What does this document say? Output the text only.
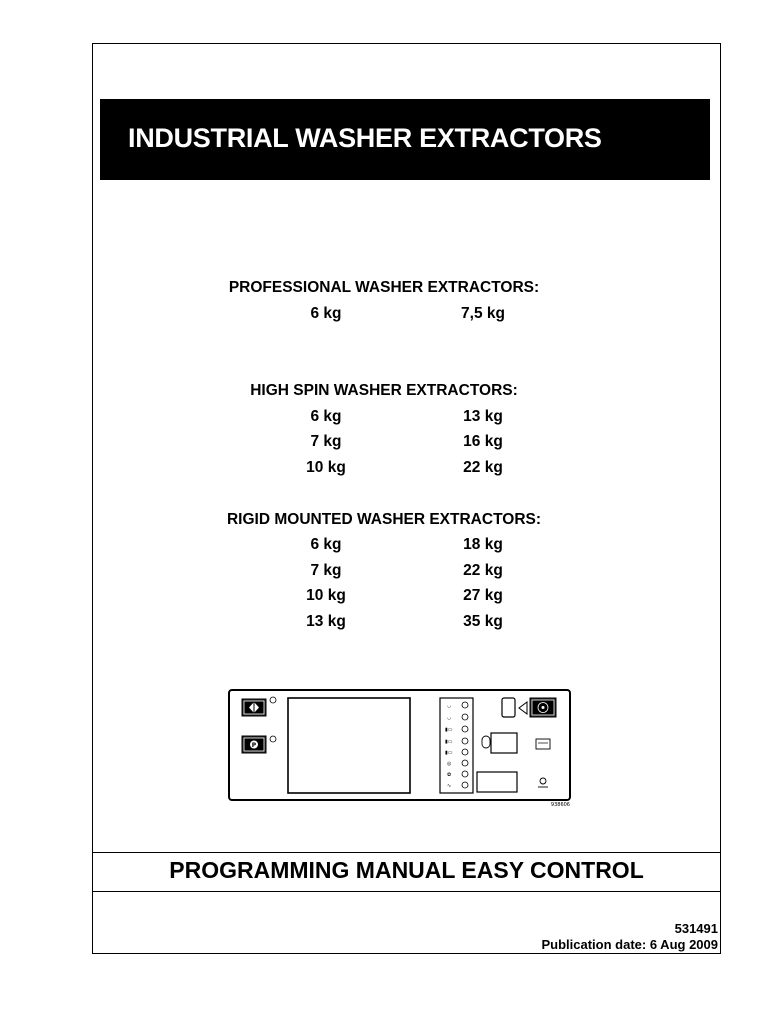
INDUSTRIAL WASHER EXTRACTORS
PROFESSIONAL WASHER EXTRACTORS:
6 kg	7,5 kg
HIGH SPIN WASHER EXTRACTORS:
6 kg	13 kg
7 kg	16 kg
10 kg	22 kg
RIGID MOUNTED WASHER EXTRACTORS:
6 kg	18 kg
7 kg	22 kg
10 kg	27 kg
13 kg	35 kg
P
◡
◡
▮▭
▮▭
▮▭
◎
✿
∿
938606
PROGRAMMING MANUAL EASY CONTROL
531491
Publication date: 6 Aug 2009
